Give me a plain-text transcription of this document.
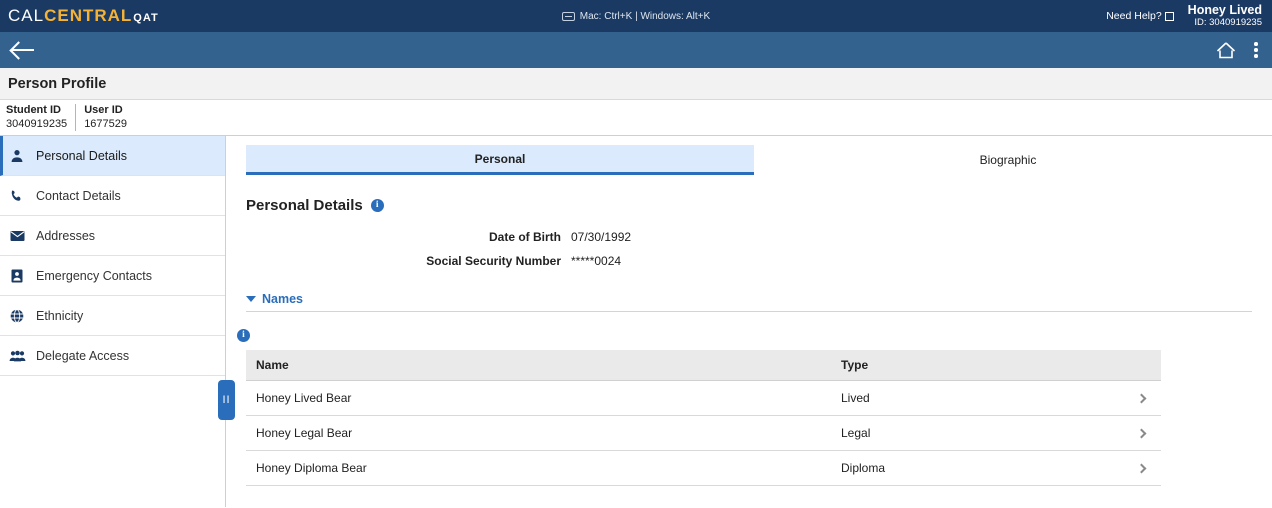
CAL CENTRAL QAT	Mac: Ctrl+K | Windows: Alt+K	Need Help? Honey Lived
ID: 3040919235
Person Profile
Student ID
3040919235
User ID
1677529
Personal Details
Contact Details
Addresses
Emergency Contacts
Ethnicity
Delegate Access
II
Personal	Biographic
Personal Details	i
Date of Birth 07/30/1992
Social Security Number *****0024
Names
i
Name	Type	
Honey Lived Bear	Lived	
Honey Legal Bear	Legal	
Honey Diploma Bear	Diploma	
